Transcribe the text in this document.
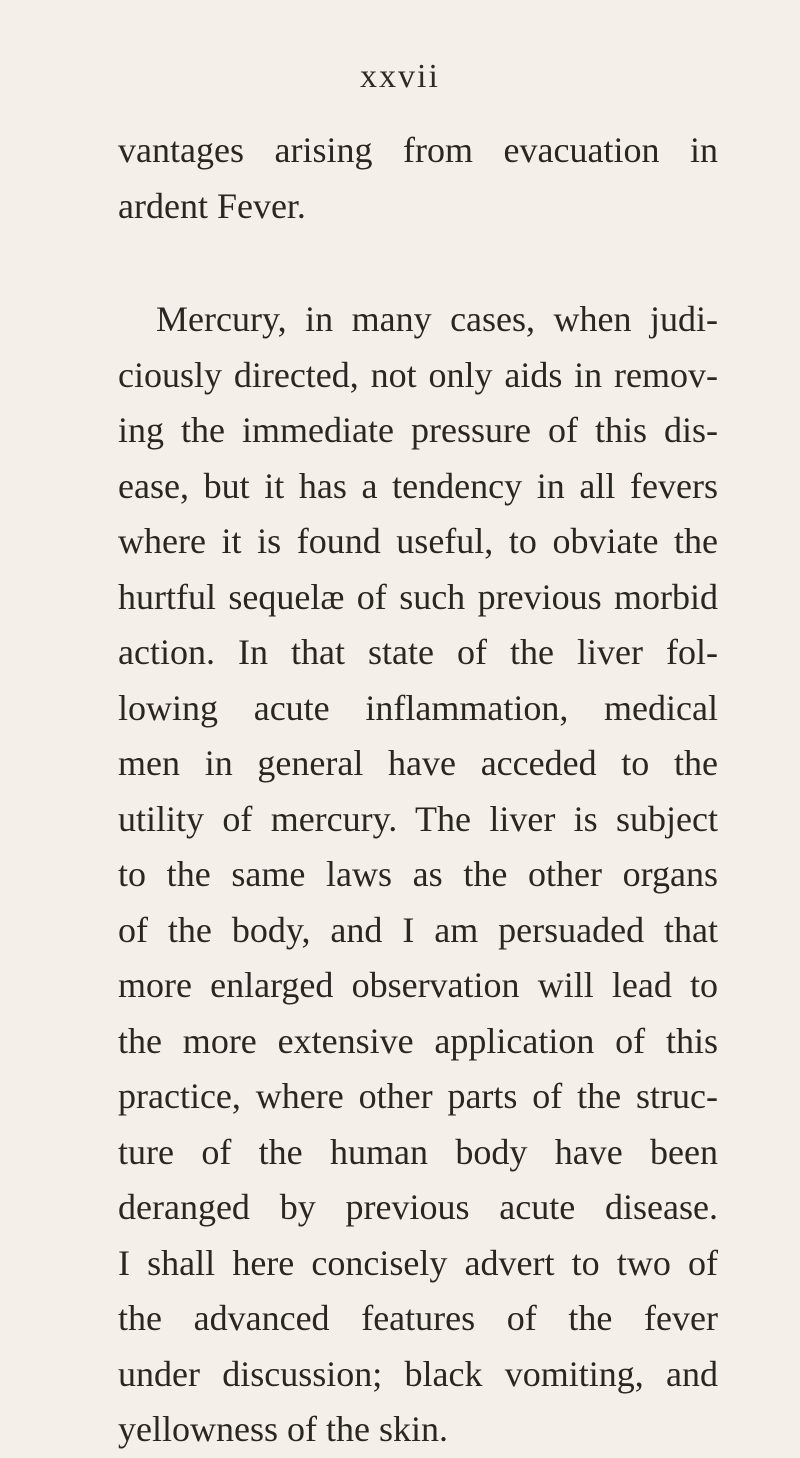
xxvii
vantages arising from evacuation in
ardent Fever.
Mercury, in many cases, when judi-
ciously directed, not only aids in remov-
ing the immediate pressure of this dis-
ease, but it has a tendency in all fevers
where it is found useful, to obviate the
hurtful sequelæ of such previous morbid
action. In that state of the liver fol-
lowing acute inflammation, medical
men in general have acceded to the
utility of mercury. The liver is subject
to the same laws as the other organs
of the body, and I am persuaded that
more enlarged observation will lead to
the more extensive application of this
practice, where other parts of the struc-
ture of the human body have been
deranged by previous acute disease.
I shall here concisely advert to two of
the advanced features of the fever
under discussion; black vomiting, and
yellowness of the skin.
